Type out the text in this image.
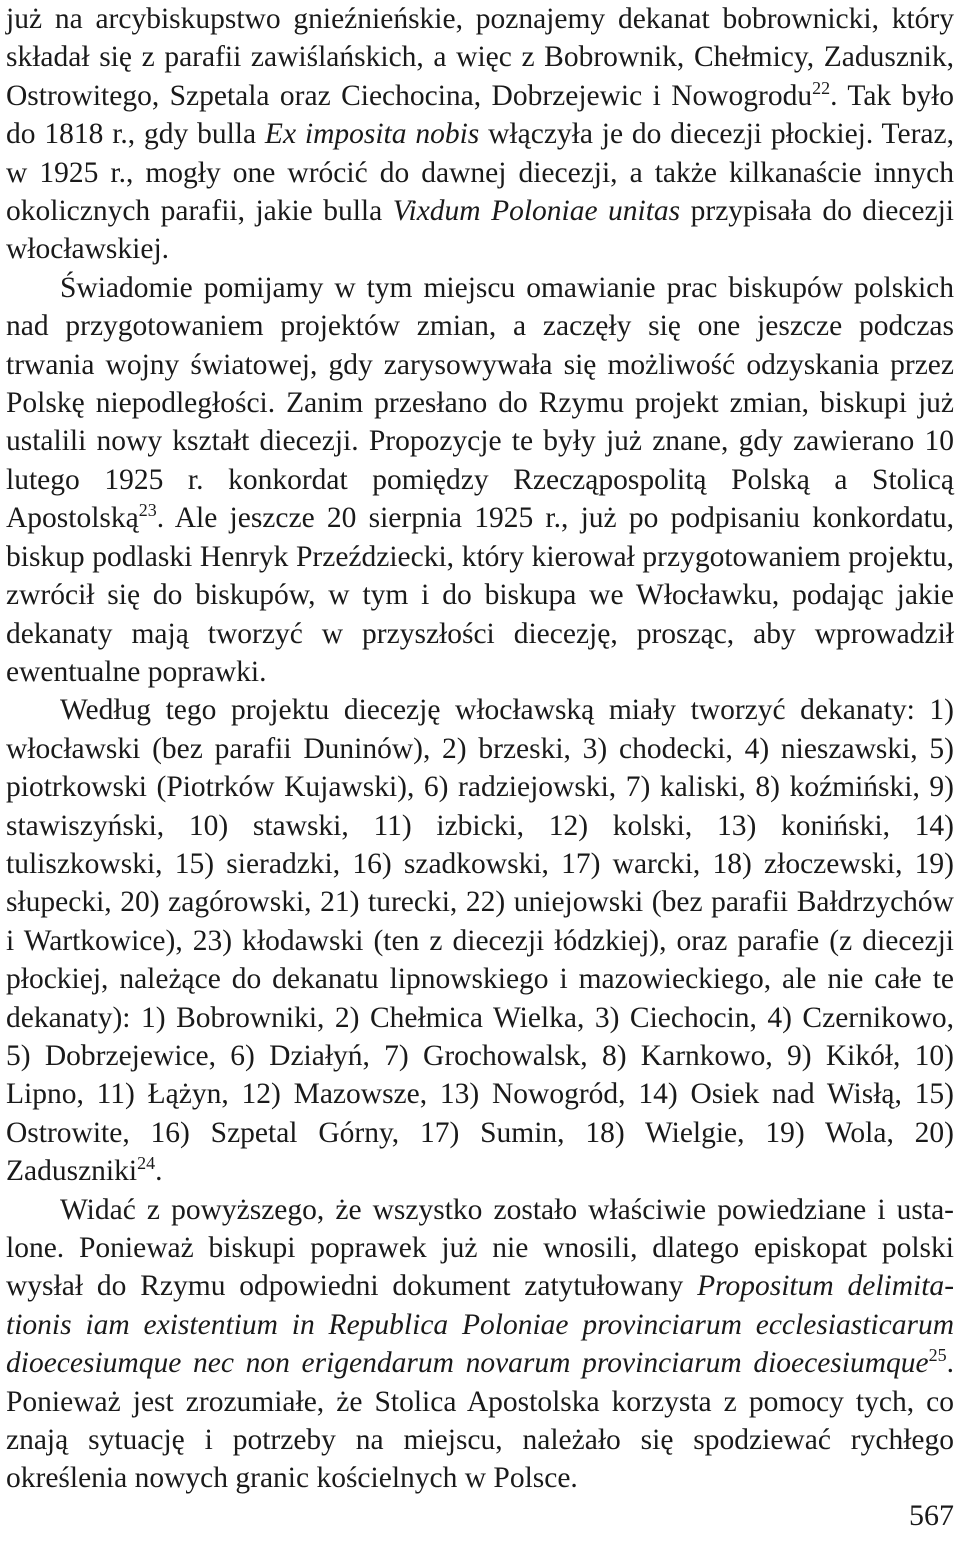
już na arcybiskupstwo gnieźnieńskie, poznajemy dekanat bobrownicki, który składał się z parafii zawiślańskich, a więc z Bobrownik, Chełmicy, Zadusznik, Ostrowitego, Szpetala oraz Ciechocina, Dobrzejewic i Nowogrodu$^{22}$. Tak było do 1818 r., gdy bulla Ex imposita nobis włączyła je do diecezji płockiej. Teraz, w 1925 r., mogły one wrócić do dawnej diecezji, a także kilkanaście innych okolicznych parafii, jakie bulla Vixdum Poloniae unitas przypisała do diecezji włocławskiej.

Świadomie pomijamy w tym miejscu omawianie prac biskupów polskich nad przygotowaniem projektów zmian, a zaczęły się one jeszcze podczas trwania wojny światowej, gdy zarysowywała się możliwość odzyskania przez Polskę niepodległości. Zanim przesłano do Rzymu projekt zmian, biskupi już ustalili nowy kształt diecezji. Propozycje te były już znane, gdy zawierano 10 lutego 1925 r. konkordat pomiędzy Rzecząpospolitą Polską a Stolicą Apostolską$^{23}$. Ale jeszcze 20 sierpnia 1925 r., już po podpisaniu konkordatu, biskup podlaski Henryk Przeździecki, który kierował przygotowaniem projektu, zwrócił się do biskupów, w tym i do biskupa we Włocławku, podając jakie dekanaty mają tworzyć w przyszłości diecezję, prosząc, aby wprowadził ewentualne poprawki.

Według tego projektu diecezję włocławską miały tworzyć dekanaty: 1) włocławski (bez parafii Duninów), 2) brzeski, 3) chodecki, 4) nieszawski, 5) piotrkowski (Piotrków Kujawski), 6) radziejowski, 7) kaliski, 8) koźmiński, 9) stawiszyński, 10) stawski, 11) izbicki, 12) kolski, 13) koniński, 14) tuliszkowski, 15) sieradzki, 16) szadkowski, 17) warcki, 18) złoczewski, 19) słupecki, 20) zagórowski, 21) turecki, 22) uniejowski (bez parafii Bałdrzychów i Wartkowice), 23) kłodawski (ten z diecezji łódzkiej), oraz parafie (z diecezji płockiej, należące do dekanatu lipnowskiego i mazowieckiego, ale nie całe te dekanaty): 1) Bobrowniki, 2) Chełmica Wielka, 3) Ciechocin, 4) Czernikowo, 5) Dobrzejewice, 6) Działyń, 7) Grochowalsk, 8) Karnkowo, 9) Kikół, 10) Lipno, 11) Łążyn, 12) Mazowsze, 13) Nowogród, 14) Osiek nad Wisłą, 15) Ostrowite, 16) Szpetal Górny, 17) Sumin, 18) Wielgie, 19) Wola, 20) Zaduszniki$^{24}$.

Widać z powyższego, że wszystko zostało właściwie powiedziane i ustalone. Ponieważ biskupi poprawek już nie wnosili, dlatego episkopat polski wysłał do Rzymu odpowiedni dokument zatytułowany Propositum delimitationis iam existentium in Republica Poloniae provinciarum ecclesiasticarum dioecesiumque nec non erigendarum novarum provinciarum dioecesiumque$^{25}$. Ponieważ jest zrozumiałe, że Stolica Apostolska korzysta z pomocy tych, co znają sytuację i potrzeby na miejscu, należało się spodziewać rychłego określenia nowych granic kościelnych w Polsce.

567
